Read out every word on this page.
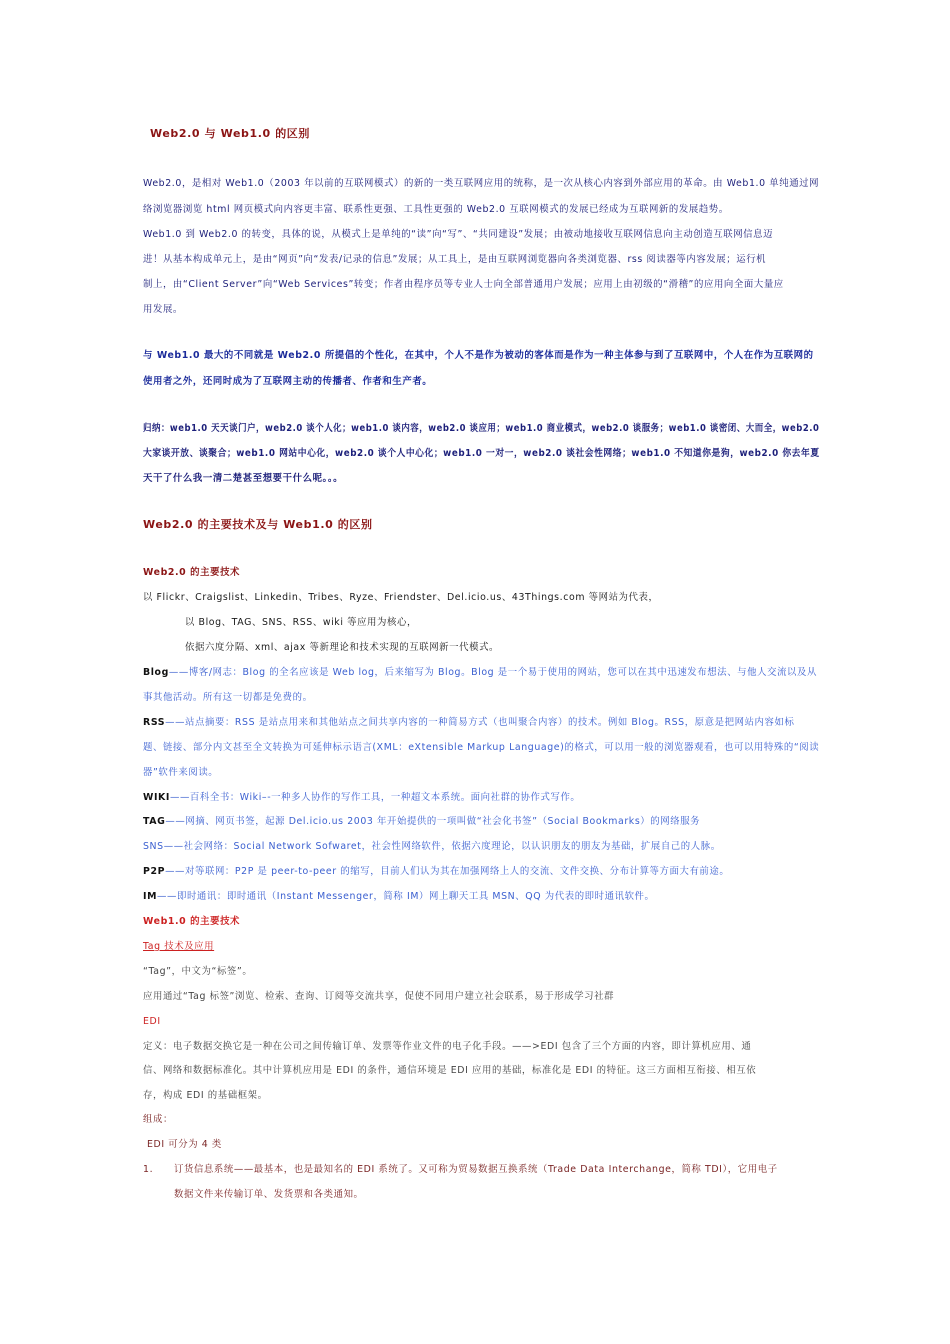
Web2.0 与 Web1.0 的区别
Web2.0，是相对 Web1.0（2003 年以前的互联网模式）的新的一类互联网应用的统称，是一次从核心内容到外部应用的革命。由 Web1.0 单纯通过网
络浏览器浏览 html 网页模式向内容更丰富、联系性更强、工具性更强的 Web2.0 互联网模式的发展已经成为互联网新的发展趋势。
Web1.0 到 Web2.0 的转变，具体的说，从模式上是单纯的“读”向“写”、“共同建设”发展；由被动地接收互联网信息向主动创造互联网信息迈
进！从基本构成单元上，是由“网页”向“发表/记录的信息”发展；从工具上，是由互联网浏览器向各类浏览器、rss 阅读器等内容发展；运行机
制上，由“Client Server”向“Web Services”转变；作者由程序员等专业人士向全部普通用户发展；应用上由初级的“滑稽”的应用向全面大量应
用发展。
与 Web1.0 最大的不同就是 Web2.0 所提倡的个性化，在其中，个人不是作为被动的客体而是作为一种主体参与到了互联网中，个人在作为互联网的
使用者之外，还同时成为了互联网主动的传播者、作者和生产者。
归纳：web1.0 天天谈门户，web2.0 谈个人化；web1.0 谈内容，web2.0 谈应用；web1.0 商业模式，web2.0 谈服务；web1.0 谈密闭、大而全，web2.0
大家谈开放、谈聚合；web1.0 网站中心化，web2.0 谈个人中心化；web1.0 一对一，web2.0 谈社会性网络；web1.0 不知道你是狗，web2.0 你去年夏
天干了什么我一清二楚甚至想要干什么呢。。。
Web2.0 的主要技术及与 Web1.0 的区别
Web2.0 的主要技术
以 Flickr、Craigslist、Linkedin、Tribes、Ryze、Friendster、Del.icio.us、43Things.com 等网站为代表，
以 Blog、TAG、SNS、RSS、wiki 等应用为核心，
依据六度分隔、xml、ajax 等新理论和技术实现的互联网新一代模式。
Blog——博客/网志：Blog 的全名应该是 Web log，后来缩写为 Blog。Blog 是一个易于使用的网站，您可以在其中迅速发布想法、与他人交流以及从
事其他活动。所有这一切都是免费的。
RSS——站点摘要：RSS 是站点用来和其他站点之间共享内容的一种简易方式（也叫聚合内容）的技术。例如 Blog。RSS，原意是把网站内容如标
题、链接、部分内文甚至全文转换为可延伸标示语言(XML：eXtensible Markup Language)的格式，可以用一般的浏览器观看，也可以用特殊的“阅读
器”软件来阅读。
WIKI——百科全书：Wiki–-一种多人协作的写作工具，一种超文本系统。面向社群的协作式写作。
TAG——网摘、网页书签，起源 Del.icio.us 2003 年开始提供的一项叫做“社会化书签”（Social Bookmarks）的网络服务
SNS——社会网络：Social Network Sofwaret，社会性网络软件，依据六度理论，以认识朋友的朋友为基础，扩展自己的人脉。
P2P——对等联网：P2P 是 peer-to-peer 的缩写，目前人们认为其在加强网络上人的交流、文件交换、分布计算等方面大有前途。
IM——即时通讯：即时通讯（Instant Messenger，简称 IM）网上聊天工具 MSN、QQ 为代表的即时通讯软件。
Web1.0 的主要技术
Tag 技术及应用
“Tag”，中文为“标签”。
应用通过“Tag 标签”浏览、检索、查询、订阅等交流共享，促使不同用户建立社会联系，易于形成学习社群
EDI
定义：电子数据交换它是一种在公司之间传输订单、发票等作业文件的电子化手段。——>EDI 包含了三个方面的内容，即计算机应用、通
信、网络和数据标准化。其中计算机应用是 EDI 的条件，通信环境是 EDI 应用的基础，标准化是 EDI 的特征。这三方面相互衔接、相互依
存，构成 EDI 的基础框架。
组成：
EDI 可分为 4 类
1. 订货信息系统——最基本，也是最知名的 EDI 系统了。又可称为贸易数据互换系统（Trade Data Interchange，简称 TDI），它用电子
数据文件来传输订单、发货票和各类通知。
